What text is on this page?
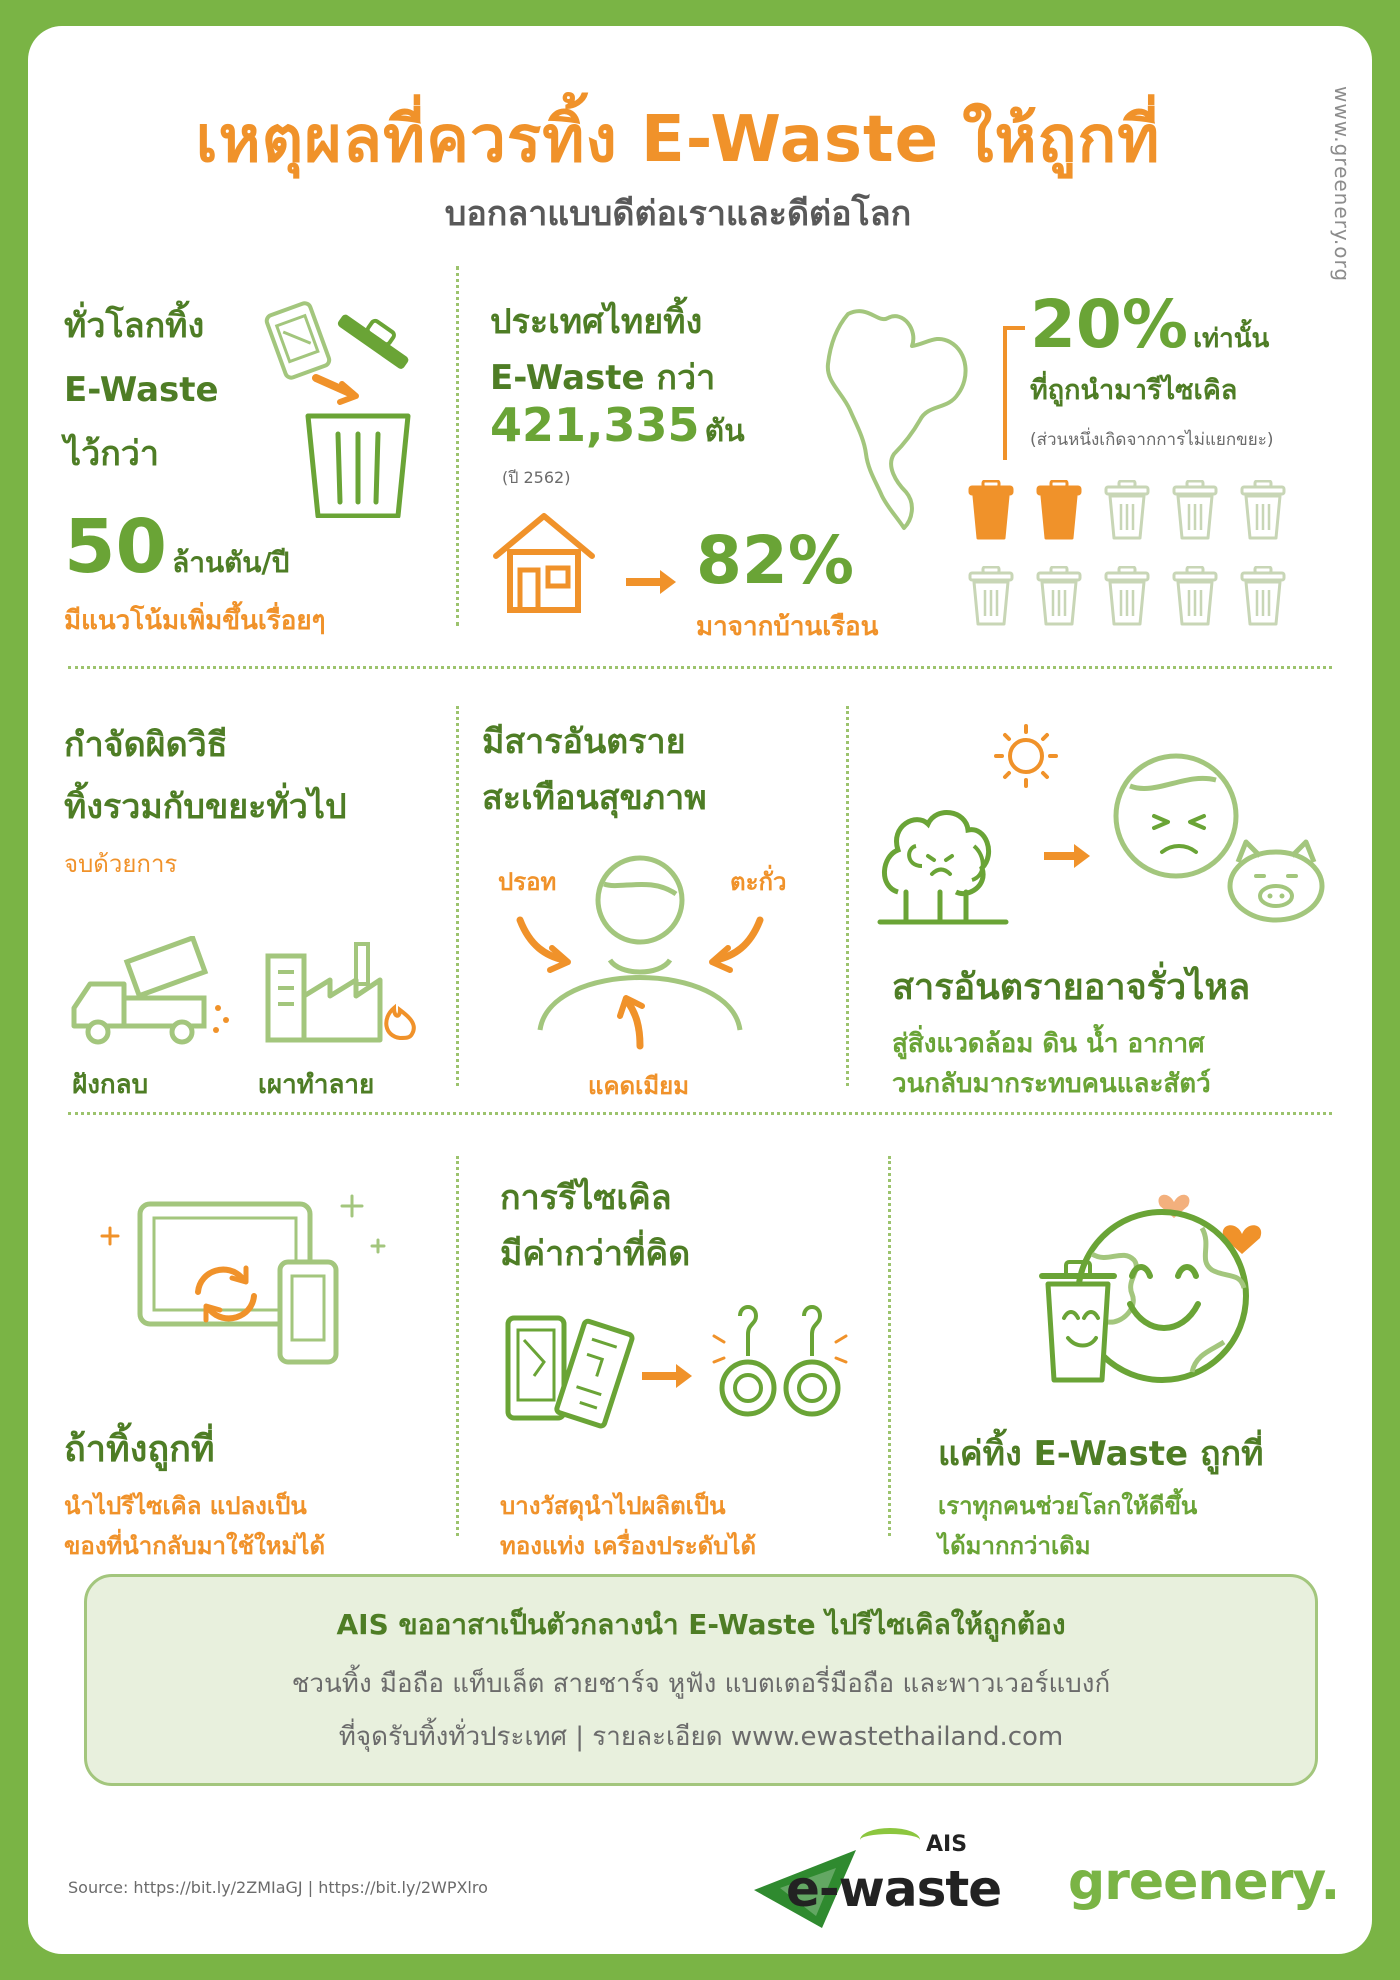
เหตุผลที่ควรทิ้ง E-Waste ให้ถูกที่
บอกลาแบบดีต่อเราและดีต่อโลก	www.greenery.org
ทั่วโลกทิ้ง
E-Waste
ไว้กว่า
50 ล้านตัน/ปี
มีแนวโน้มเพิ่มขึ้นเรื่อยๆ
ประเทศไทยทิ้ง
E-Waste กว่า
421,335 ตัน
(ปี 2562)
82%
มาจากบ้านเรือน
20% เท่านั้น
ที่ถูกนำมารีไซเคิล
(ส่วนหนึ่งเกิดจากการไม่แยกขยะ)
กำจัดผิดวิธี
ทิ้งรวมกับขยะทั่วไป
จบด้วยการ
ฝังกลบ	เผาทำลาย
มีสารอันตราย
สะเทือนสุขภาพ
ปรอท	ตะกั่ว
แคดเมียม
สารอันตรายอาจรั่วไหล
สู่สิ่งแวดล้อม ดิน น้ำ อากาศ
วนกลับมากระทบคนและสัตว์
ถ้าทิ้งถูกที่
นำไปรีไซเคิล แปลงเป็น
ของที่นำกลับมาใช้ใหม่ได้
การรีไซเคิล
มีค่ากว่าที่คิด
บางวัสดุนำไปผลิตเป็น
ทองแท่ง เครื่องประดับได้
แค่ทิ้ง E-Waste ถูกที่
เราทุกคนช่วยโลกให้ดีขึ้น
ได้มากกว่าเดิม
AIS ขออาสาเป็นตัวกลางนำ E-Waste ไปรีไซเคิลให้ถูกต้อง
ชวนทิ้ง มือถือ แท็บเล็ต สายชาร์จ หูฟัง แบตเตอรี่มือถือ และพาวเวอร์แบงก์
ที่จุดรับทิ้งทั่วประเทศ | รายละเอียด www.ewastethailand.com
Source: https://bit.ly/2ZMIaGJ | https://bit.ly/2WPXlro
AIS
e-waste greenery.
